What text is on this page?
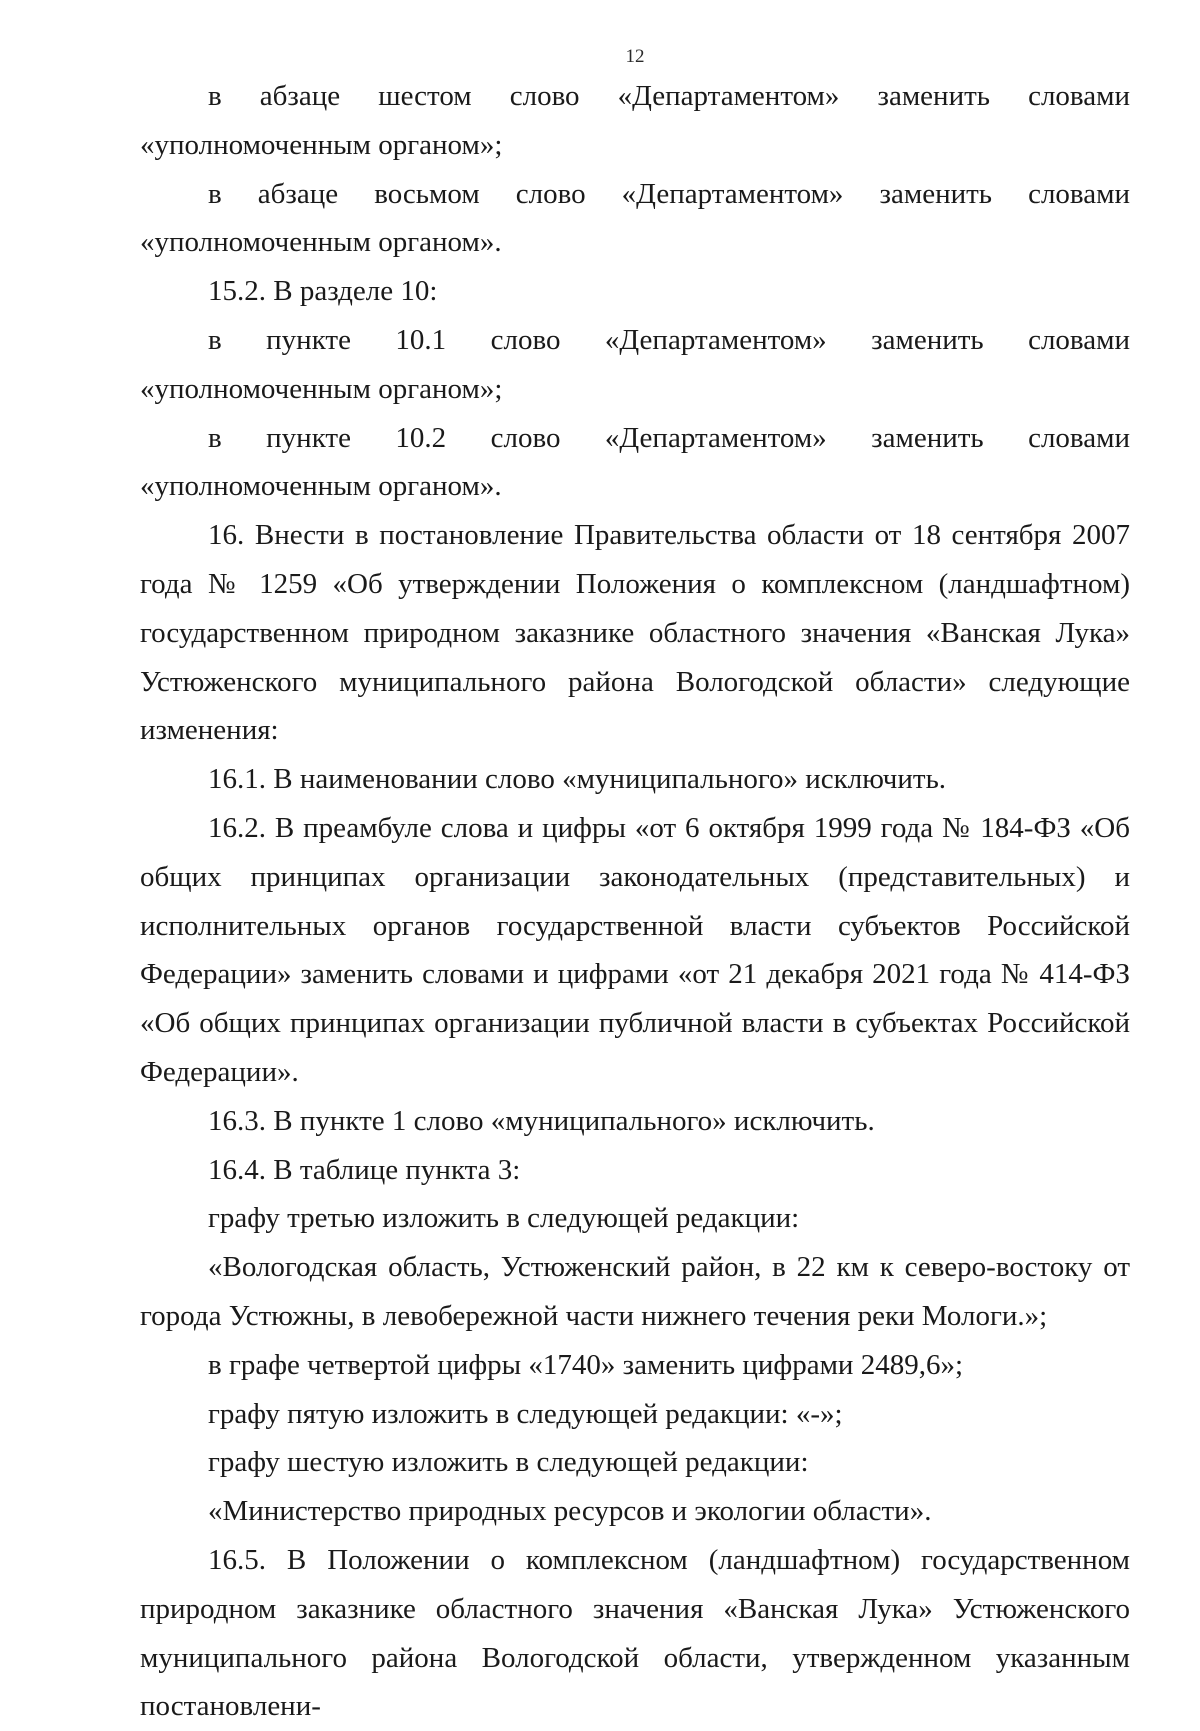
12

в абзаце шестом слово «Департаментом» заменить словами «уполномоченным органом»;

в абзаце восьмом слово «Департаментом» заменить словами «уполномоченным органом».

15.2. В разделе 10:

в пункте 10.1 слово «Департаментом» заменить словами «уполномоченным органом»;

в пункте 10.2 слово «Департаментом» заменить словами «уполномоченным органом».

16. Внести в постановление Правительства области от 18 сентября 2007 года № 1259 «Об утверждении Положения о комплексном (ландшафтном) государственном природном заказнике областного значения «Ванская Лука» Устюженского муниципального района Вологодской области» следующие изменения:

16.1. В наименовании слово «муниципального» исключить.

16.2. В преамбуле слова и цифры «от 6 октября 1999 года № 184-ФЗ «Об общих принципах организации законодательных (представительных) и исполнительных органов государственной власти субъектов Российской Федерации» заменить словами и цифрами «от 21 декабря 2021 года № 414-ФЗ «Об общих принципах организации публичной власти в субъектах Российской Федерации».

16.3. В пункте 1 слово «муниципального» исключить.

16.4. В таблице пункта 3:

графу третью изложить в следующей редакции:

«Вологодская область, Устюженский район, в 22 км к северо-востоку от города Устюжны, в левобережной части нижнего течения реки Мологи.»;

в графе четвертой цифры «1740» заменить цифрами 2489,6»;

графу пятую изложить в следующей редакции: «-»;

графу шестую изложить в следующей редакции:

«Министерство природных ресурсов и экологии области».

16.5. В Положении о комплексном (ландшафтном) государственном природном заказнике областного значения «Ванская Лука» Устюженского муниципального района Вологодской области, утвержденном указанным постановлени-
